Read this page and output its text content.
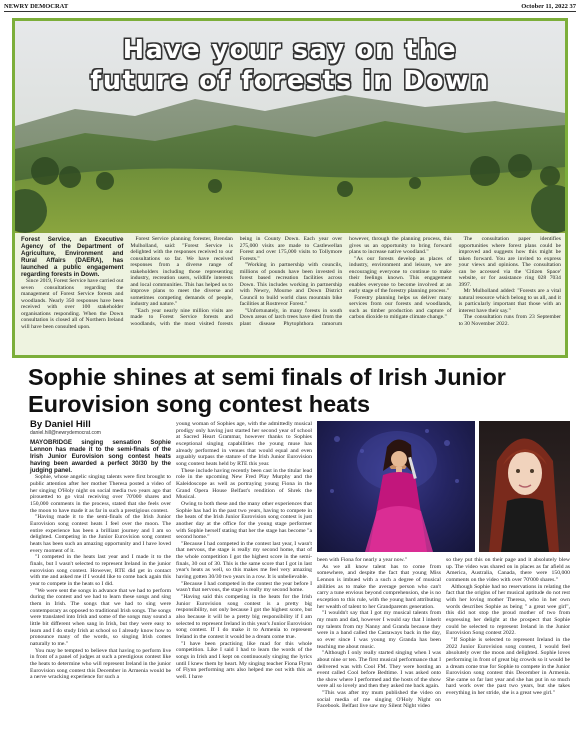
NEWRY DEMOCRAT	October 11, 2022 37
Have your say on the
future of forests in Down

Forest Service, an Executive Agency of the Department of Agriculture, Environment and Rural Affairs (DAERA), has launched a public engagement regarding forests in Down.

Since 2019, Forest Service have carried out seven consultations regarding the management of Forest Service forests and woodlands. Nearly 350 responses have been received with over 100 stakeholder organisations responding. When the Down consultation is closed all of Northern Ireland will have been consulted upon.

Forest Service planning forester, Brendan Mulholland, said: "Forest Service is delighted with the responses received to our consultations so far. We have received responses from a diverse range of stakeholders including those representing industry, recreation users, wildlife interests and local communities. This has helped us to improve plans to meet the diverse and sometimes competing demands of people, industry and nature."

"Each year nearly nine million visits are made to Forest Service forests and woodlands, with the most visited forests being in County Down. Each year over 275,000 visits are made to Castlewellan Forest and over 175,000 visits to Tollymore Forests."

"Working in partnership with councils, millions of pounds have been invested in forest based recreation facilities across Down. This includes working in partnership with Newry, Mourne and Down District Council to build world class mountain bike facilities at Rostrevor Forest."

"Unfortunately, in many forests in south Down areas of larch trees have died from the plant disease Phytophthora ramorum however, through the planning process, this gives us an opportunity to bring forward plans to increase native woodland."

"As our forests develop as places of industry, environment and leisure, we are encouraging everyone to continue to make their feelings known. This engagement enables everyone to become involved at an early stage of the forestry planning process."

Forestry planning helps us deliver many services from our forests and woodlands, such as timber production and capture of carbon dioxide to mitigate climate change."

The consultation paper identifies opportunities where forest plans could be improved and suggests how this might be taken forward. You are invited to express your views and opinions. The consultation can be accessed via the 'Citizen Space' website, or for assistance ring 028 7034 3997.

Mr Mulholland added: "Forests are a vital natural resource which belong to us all, and it is particularly important that those with an interest have their say."

The consultation runs from 23 September to 30 November 2022.

Sophie shines at semi finals of Irish Junior Eurovision song contest heats
By Daniel Hill
daniel.hill@newrydemocrat.com

MAYOBRIDGE singing sensation Sophie Lennon has made it to the semi-finals of the Irish Junior Eurovision song contest heats having been awarded a perfect 30/30 by the judging panel.

Sophie, whose angelic singing talents were first brought to public attention after her mother Theresa posted a video of her singing O'Holy night on social media two years ago that pirouetted to go viral receiving over 70'000 shares and 150,000 comments in the process, stated that she feels over the moon to have made it as far in such a prestigious contest.

"Having made it to the semi-finals of the Irish Junior Eurovision song contest heats I feel over the moon. The entire experience has been a brilliant journey and I am so delighted. Competing in the Junior Eurovision song contest heats has been such an amazing opportunity and I have loved every moment of it.

"I competed in the heats last year and I made it to the finals, but I wasn't selected to represent Ireland in the junior eurovision song contest. However, RTE did get in contact with me and asked me if I would like to come back again this year to compete in the heats so I did.

"We were sent the songs in advance that we had to perform during the contest and we had to learn these songs and sing them in Irish. The songs that we had to sing were contemporary as opposed to traditional Irish songs. The songs were translated into Irish and some of the songs may sound a little bit different when sang in Irish, but they were easy to learn and I do study Irish at school so I already know how to pronounce many of the words, so singing Irish comes naturally to me."

You may be tempted to believe that having to perform live in front of a panel of judges at such a prestigious contest like the heats to determine who will represent Ireland in the junior Eurovision song contest this December in Armenia would be a nerve wracking experience for such a

young woman of Sophies age, with the admittedly musical prodigy only having just started her second year of school at Sacred Heart Grammar, however thanks to Sophies exceptional singing capabilities the young muse has already performed in venues that would equal and even arguably surpass the stature of the Irish Junior Eurovision song contest heats held by RTE this year.

These include having recently been cast in the titular lead role in the upcoming New Fred Play Murphy and the Kaleidoscope as well as portraying young Fiona in the Grand Opera House Belfast's rendition of Shrek the Musical.

Owing to both these and the many other experiences that Sophie has had in the past two years, having to compete in the heats of the Irish Junior Eurovision song contest is just another day at the office for the young stage performer with Sophie herself stating that her the stage has become "a second home."

"Because I had competed in the contest last year, I wasn't that nervous, the stage is really my second home, that of the whole competition I got the highest score in the semi-finals, 30 out of 30. This is the same score that I got in last year's heats as well, so this makes me feel very amazing having gotten 30/30 two years in a row. It is unbelievable.

"Because I had competed in the contest the year before I wasn't that nervous, the stage is really my second home.

"Having said this competing in the heats for the Irish Junior Eurovision song contest is a pretty big responsibility, not only because I got the highest score, but also because it will be a pretty big responsibility if I am selected to represent Ireland in this year's Junior Eurovision song contest. If I do make it to Armenia to represent Ireland in the contest it would be a dream come true.

"I have been practising like mad for this whole competition. Like I said I had to learn the words of the songs in Irish and I kept on continuously singing the lyrics until I knew them by heart. My singing teacher Fiona Flynn of Flynn performing arts also helped me out with this as well. I have

been with Fiona for nearly a year now."

As we all know talent has to come from somewhere, and despite the fact that young Miss Lennon is imbued with a such a degree of musical abilities as to make the average person who can't carry a tune envious beyond comprehension, she is no exception to this rule, with the young bard attributing her wealth of talent to her Grandparents generation.

"I wouldn't say that I got my musical talents from my mum and dad, however I would say that I inherit my talents from my Nanny and Granda because they were in a band called the Castaways back in the day, so ever since I was young my Granda has been teaching me about music.

"Although I only really started singing when I was about nine or ten. The first musical performance that I delivered was with Cool FM. They were hosting an event called Cool before Bedtime. I was asked onto the show where I performed and the hosts of the show were all so lovely and then they asked me back again.

"This was after my mum published the video on social media of me singing O'Holy Night on Facebook. Belfast live saw my Silent Night video

so they put this on their page and it absolutely blew up. The video was shared on in places as far afield as America, Australia, Canada, there were 150,000 comments on the video with over 70'000 shares."

Although Sophie had no reservations in relating the fact that the origins of her musical aptitude do not rest with her loving mother Theresa, who in her own words describes Sophie as being " a great wee girl", this did not stop the proud mother of two from expressing her delight at the prospect that Sophie could be selected to represent Ireland in the Junior Eurovision Song contest 2022.

"If Sophie is selected to represent Ireland in the 2022 Junior Eurovision song contest, I would feel absolutely over the moon and delighted. Sophie loves performing in front of great big crowds so it would be a dream come true for Sophie to compete in the Junior Eurovision song contest this December in Armenia. She came so far last year and she has put in so much hard work over the past two years, but she takes everything in her stride, she is a great wee girl."
